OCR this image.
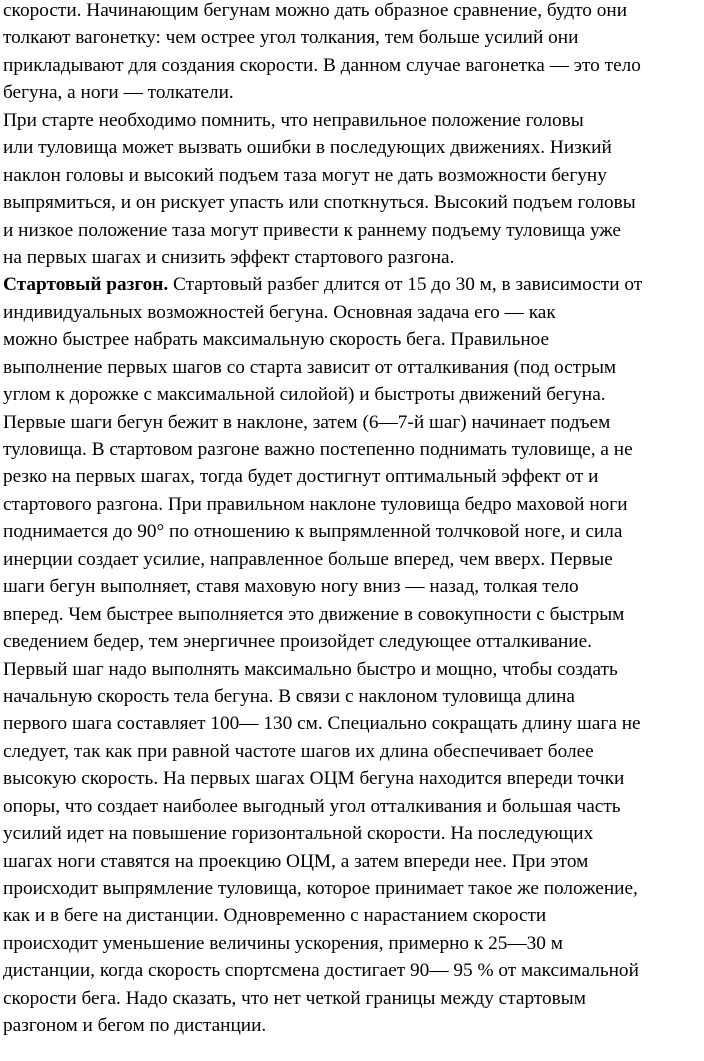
скорости. Начинающим бегунам можно дать образное сравнение, будто они
толкают вагонетку: чем острее угол толкания, тем больше усилий они
прикладывают для создания скорости. В данном случае вагонетка — это тело
бегуна, а ноги — толкатели.
При старте необходимо помнить, что неправильное положение головы
или туловища может вызвать ошибки в последующих движениях. Низкий
наклон головы и высокий подъем таза могут не дать возможности бегуну
выпрямиться, и он рискует упасть или споткнуться. Высокий подъем головы
и низкое положение таза могут привести к раннему подъему туловища уже
на первых шагах и снизить эффект стартового разгона.
Стартовый разгон. Стартовый разбег длится от 15 до 30 м, в зависимости от
индивидуальных возможностей бегуна. Основная задача его — как
можно быстрее набрать максимальную скорость бега. Правильное
выполнение первых шагов со старта зависит от отталкивания (под острым
углом к дорожке с максимальной силойой) и быстроты движений бегуна.
Первые шаги бегун бежит в наклоне, затем (6—7-й шаг) начинает подъем
туловища. В стартовом разгоне важно постепенно поднимать туловище, а не
резко на первых шагах, тогда будет достигнут оптимальный эффект от и
стартового разгона. При правильном наклоне туловища бедро маховой ноги
поднимается до 90° по отношению к выпрямленной толчковой ноге, и сила
инерции создает усилие, направленное больше вперед, чем вверх. Первые
шаги бегун выполняет, ставя маховую ногу вниз — назад, толкая тело
вперед. Чем быстрее выполняется это движение в совокупности с быстрым
сведением бедер, тем энергичнее произойдет следующее отталкивание.
Первый шаг надо выполнять максимально быстро и мощно, чтобы создать
начальную скорость тела бегуна. В связи с наклоном туловища длина
первого шага составляет 100— 130 см. Специально сокращать длину шага не
следует, так как при равной частоте шагов их длина обеспечивает более
высокую скорость. На первых шагах ОЦМ бегуна находится впереди точки
опоры, что создает наиболее выгодный угол отталкивания и большая часть
усилий идет на повышение горизонтальной скорости. На последующих
шагах ноги ставятся на проекцию ОЦМ, а затем впереди нее. При этом
происходит выпрямление туловища, которое принимает такое же положение,
как и в беге на дистанции. Одновременно с нарастанием скорости
происходит уменьшение величины ускорения, примерно к 25—30 м
дистанции, когда скорость спортсмена достигает 90— 95 % от максимальной
скорости бега. Надо сказать, что нет четкой границы между стартовым
разгоном и бегом по дистанции.
